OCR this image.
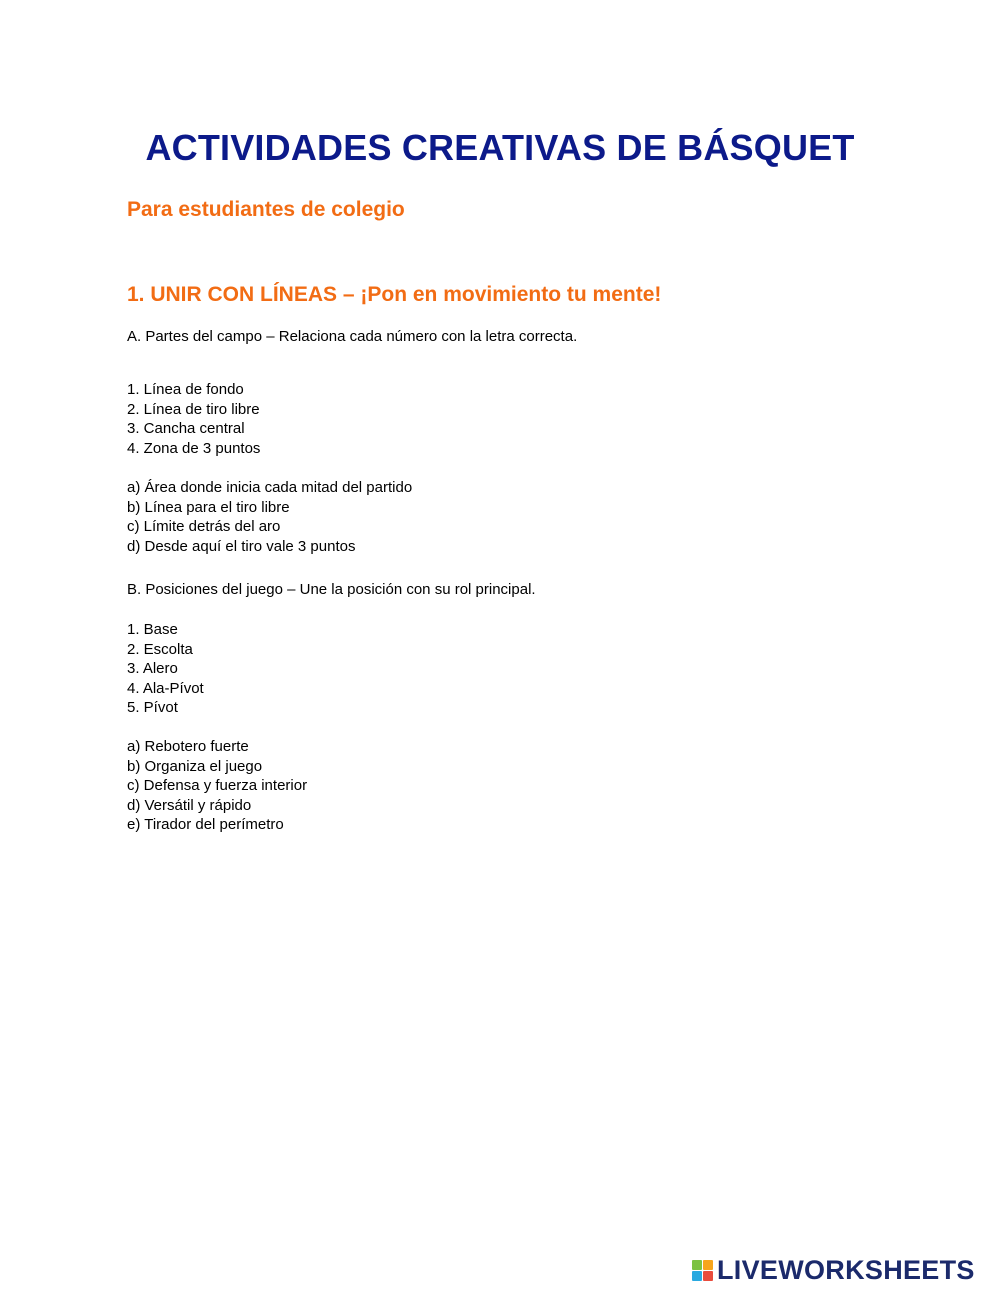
ACTIVIDADES CREATIVAS DE BÁSQUET
Para estudiantes de colegio
1. UNIR CON LÍNEAS – ¡Pon en movimiento tu mente!

A. Partes del campo – Relaciona cada número con la letra correcta.

1. Línea de fondo
2. Línea de tiro libre
3. Cancha central
4. Zona de 3 puntos
a) Área donde inicia cada mitad del partido
b) Línea para el tiro libre
c) Límite detrás del aro
d) Desde aquí el tiro vale 3 puntos

B. Posiciones del juego – Une la posición con su rol principal.

1. Base
2. Escolta
3. Alero
4. Ala-Pívot
5. Pívot
a) Rebotero fuerte
b) Organiza el juego
c) Defensa y fuerza interior
d) Versátil y rápido
e) Tirador del perímetro
LIVEWORKSHEETS
